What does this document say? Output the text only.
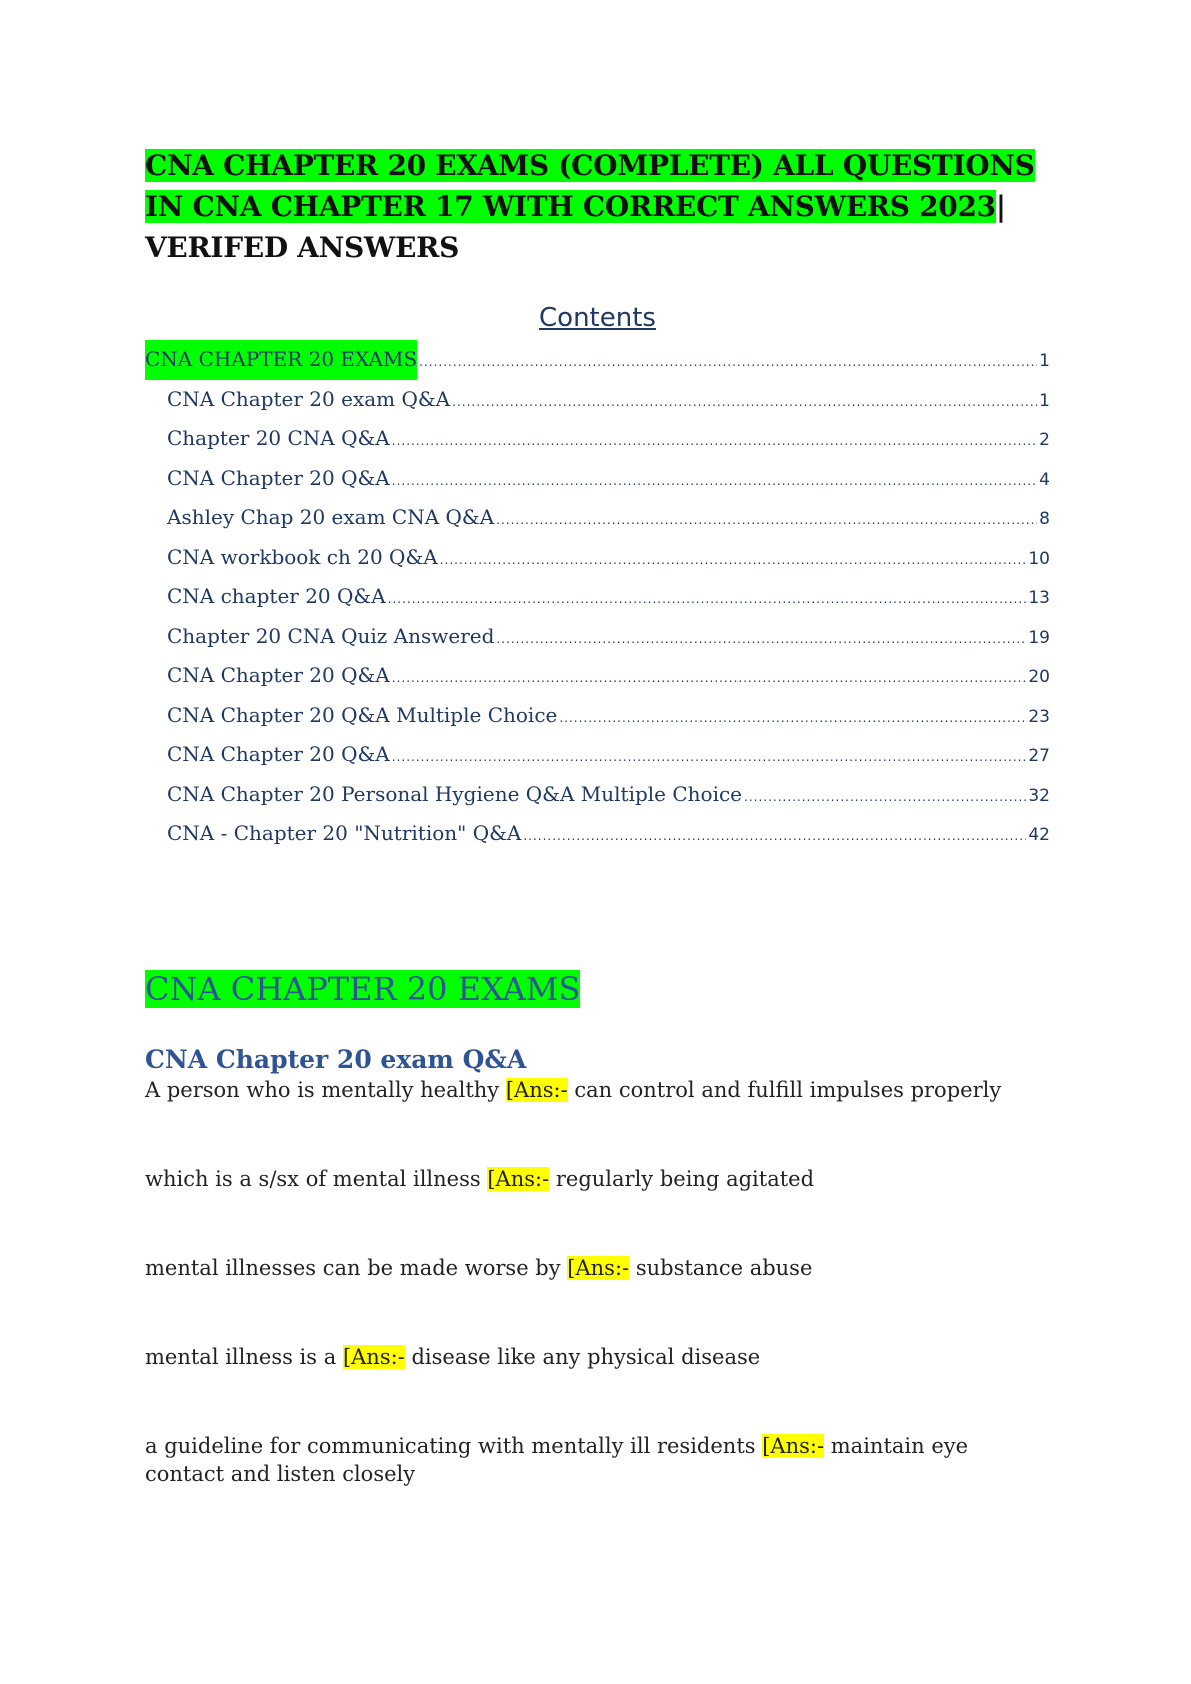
CNA CHAPTER 20 EXAMS (COMPLETE) ALL QUESTIONS IN CNA CHAPTER 17 WITH CORRECT ANSWERS 2023| VERIFED ANSWERS
Contents
CNA CHAPTER 20 EXAMS .....	1
CNA Chapter 20 exam Q&A .....	1
Chapter 20 CNA Q&A .....	2
CNA Chapter 20 Q&A .....	4
Ashley Chap 20 exam CNA Q&A .....	8
CNA workbook ch 20 Q&A .....	10
CNA chapter 20 Q&A .....	13
Chapter 20 CNA Quiz Answered .....	19
CNA Chapter 20 Q&A .....	20
CNA Chapter 20 Q&A Multiple Choice .....	23
CNA Chapter 20 Q&A .....	27
CNA Chapter 20 Personal Hygiene Q&A Multiple Choice .....	32
CNA - Chapter 20 "Nutrition" Q&A .....	42
CNA CHAPTER 20 EXAMS
CNA Chapter 20 exam Q&A

A person who is mentally healthy [Ans:- can control and fulfill impulses properly

which is a s/sx of mental illness [Ans:- regularly being agitated

mental illnesses can be made worse by [Ans:- substance abuse

mental illness is a [Ans:- disease like any physical disease

a guideline for communicating with mentally ill residents [Ans:- maintain eye contact and listen closely
